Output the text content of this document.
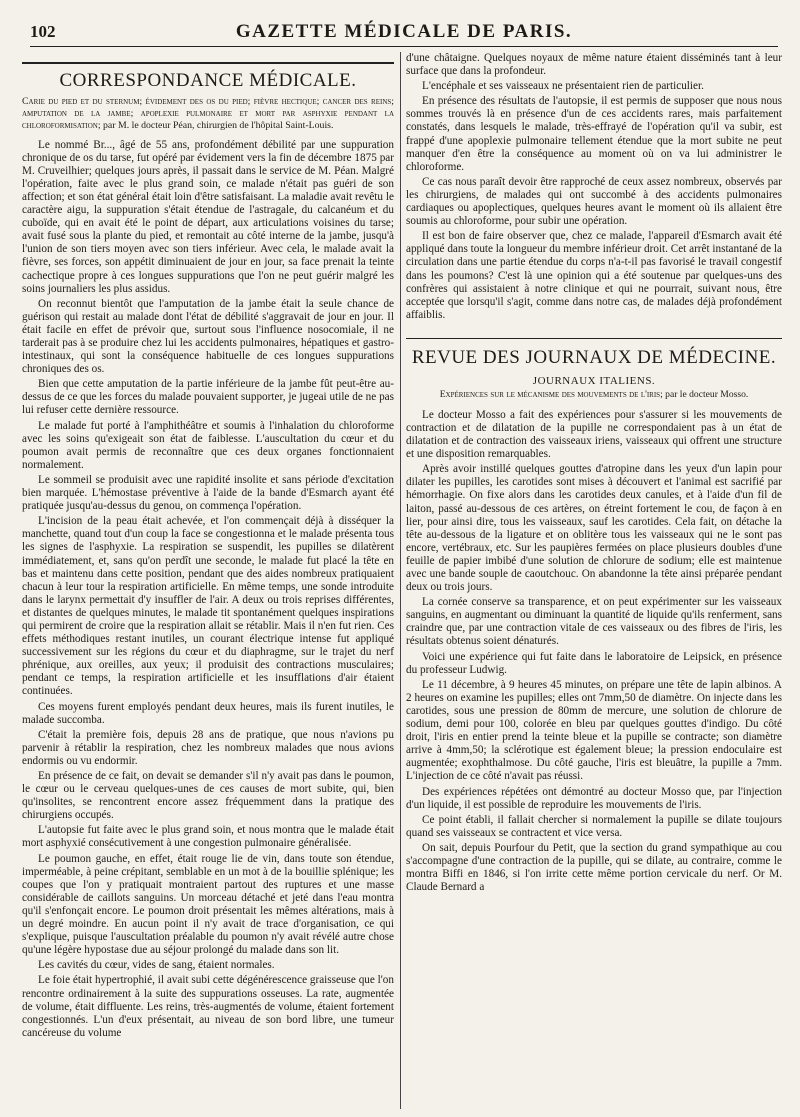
102	GAZETTE MÉDICALE DE PARIS.
CORRESPONDANCE MÉDICALE.

Carie du pied et du sternum; évidement des os du pied; fièvre hectique; cancer des reins; amputation de la jambe; apoplexie pulmonaire et mort par asphyxie pendant la chloroformisation; par M. le docteur Péan, chirurgien de l'hôpital Saint-Louis.

Le nommé Br..., âgé de 55 ans, profondément débilité par une suppuration chronique de os du tarse, fut opéré par évidement vers la fin de décembre 1875 par M. Cruveilhier; quelques jours après, il passait dans le service de M. Péan. Malgré l'opération, faite avec le plus grand soin, ce malade n'était pas guéri de son affection; et son état général était loin d'être satisfaisant. La maladie avait revêtu le caractère aigu, la suppuration s'était étendue de l'astragale, du calcanéum et du cuboïde, qui en avait été le point de départ, aux articulations voisines du tarse; avait fusé sous la plante du pied, et remontait au côté interne de la jambe, jusqu'à l'union de son tiers moyen avec son tiers inférieur. Avec cela, le malade avait la fièvre, ses forces, son appétit diminuaient de jour en jour, sa face prenait la teinte cachectique propre à ces longues suppurations que l'on ne peut guérir malgré les soins journaliers les plus assidus.

On reconnut bientôt que l'amputation de la jambe était la seule chance de guérison qui restait au malade dont l'état de débilité s'aggravait de jour en jour. Il était facile en effet de prévoir que, surtout sous l'influence nosocomiale, il ne tarderait pas à se produire chez lui les accidents pulmonaires, hépatiques et gastro-intestinaux, qui sont la conséquence habituelle de ces longues suppurations chroniques des os.

Bien que cette amputation de la partie inférieure de la jambe fût peut-être au-dessus de ce que les forces du malade pouvaient supporter, je jugeai utile de ne pas lui refuser cette dernière ressource.

Le malade fut porté à l'amphithéâtre et soumis à l'inhalation du chloroforme avec les soins qu'exigeait son état de faiblesse. L'auscultation du cœur et du poumon avait permis de reconnaître que ces deux organes fonctionnaient normalement.

Le sommeil se produisit avec une rapidité insolite et sans période d'excitation bien marquée. L'hémostase préventive à l'aide de la bande d'Esmarch ayant été pratiquée jusqu'au-dessus du genou, on commença l'opération.

L'incision de la peau était achevée, et l'on commençait déjà à disséquer la manchette, quand tout d'un coup la face se congestionna et le malade présenta tous les signes de l'asphyxie. La respiration se suspendit, les pupilles se dilatèrent immédiatement, et, sans qu'on perdît une seconde, le malade fut placé la tête en bas et maintenu dans cette position, pendant que des aides nombreux pratiquaient chacun à leur tour la respiration artificielle. En même temps, une sonde introduite dans le larynx permettait d'y insuffler de l'air. A deux ou trois reprises différentes, et distantes de quelques minutes, le malade tit spontanément quelques inspirations qui permirent de croire que la respiration allait se rétablir. Mais il n'en fut rien. Ces effets méthodiques restant inutiles, un courant électrique intense fut appliqué successivement sur les régions du cœur et du diaphragme, sur le trajet du nerf phrénique, aux oreilles, aux yeux; il produisit des contractions musculaires; pendant ce temps, la respiration artificielle et les insufflations d'air étaient continuées.

Ces moyens furent employés pendant deux heures, mais ils furent inutiles, le malade succomba.

C'était la première fois, depuis 28 ans de pratique, que nous n'avions pu parvenir à rétablir la respiration, chez les nombreux malades que nous avions endormis ou vu endormir.

En présence de ce fait, on devait se demander s'il n'y avait pas dans le poumon, le cœur ou le cerveau quelques-unes de ces causes de mort subite, qui, bien qu'insolites, se rencontrent encore assez fréquemment dans la pratique des chirurgiens occupés.

L'autopsie fut faite avec le plus grand soin, et nous montra que le malade était mort asphyxié consécutivement à une congestion pulmonaire généralisée.

Le poumon gauche, en effet, était rouge lie de vin, dans toute son étendue, imperméable, à peine crépitant, semblable en un mot à de la bouillie splénique; les coupes que l'on y pratiquait montraient partout des ruptures et une masse considérable de caillots sanguins. Un morceau détaché et jeté dans l'eau montra qu'il s'enfonçait encore. Le poumon droit présentait les mêmes altérations, mais à un degré moindre. En aucun point il n'y avait de trace d'organisation, ce qui s'explique, puisque l'auscultation préalable du poumon n'y avait révélé autre chose qu'une légère hypostase due au séjour prolongé du malade dans son lit.

Les cavités du cœur, vides de sang, étaient normales.

Le foie était hypertrophié, il avait subi cette dégénérescence graisseuse que l'on rencontre ordinairement à la suite des suppurations osseuses. La rate, augmentée de volume, était diffluente. Les reins, très-augmentés de volume, étaient fortement congestionnés. L'un d'eux présentait, au niveau de son bord libre, une tumeur cancéreuse du volume

d'une châtaigne. Quelques noyaux de même nature étaient disséminés tant à leur surface que dans la profondeur.

L'encéphale et ses vaisseaux ne présentaient rien de particulier.

En présence des résultats de l'autopsie, il est permis de supposer que nous nous sommes trouvés là en présence d'un de ces accidents rares, mais parfaitement constatés, dans lesquels le malade, très-effrayé de l'opération qu'il va subir, est frappé d'une apoplexie pulmonaire tellement étendue que la mort subite ne peut manquer d'en être la conséquence au moment où on va lui administrer le chloroforme.

Ce cas nous paraît devoir être rapproché de ceux assez nombreux, observés par les chirurgiens, de malades qui ont succombé à des accidents pulmonaires cardiaques ou apoplectiques, quelques heures avant le moment où ils allaient être soumis au chloroforme, pour subir une opération.

Il est bon de faire observer que, chez ce malade, l'appareil d'Esmarch avait été appliqué dans toute la longueur du membre inférieur droit. Cet arrêt instantané de la circulation dans une partie étendue du corps n'a-t-il pas favorisé le travail congestif dans les poumons? C'est là une opinion qui a été soutenue par quelques-uns des confrères qui assistaient à notre clinique et qui ne pourrait, suivant nous, être acceptée que lorsqu'il s'agit, comme dans notre cas, de malades déjà profondément affaiblis.

REVUE DES JOURNAUX DE MÉDECINE.
JOURNAUX ITALIENS.
Expériences sur le mécanisme des mouvements de l'iris; par le docteur Mosso.

Le docteur Mosso a fait des expériences pour s'assurer si les mouvements de contraction et de dilatation de la pupille ne correspondaient pas à un état de dilatation et de contraction des vaisseaux iriens, vaisseaux qui offrent une structure et une disposition remarquables.

Après avoir instillé quelques gouttes d'atropine dans les yeux d'un lapin pour dilater les pupilles, les carotides sont mises à découvert et l'animal est sacrifié par hémorrhagie. On fixe alors dans les carotides deux canules, et à l'aide d'un fil de laiton, passé au-dessous de ces artères, on étreint fortement le cou, de façon à en lier, pour ainsi dire, tous les vaisseaux, sauf les carotides. Cela fait, on détache la tête au-dessous de la ligature et on oblitère tous les vaisseaux qui ne le sont pas encore, vertébraux, etc. Sur les paupières fermées on place plusieurs doubles d'une feuille de papier imbibé d'une solution de chlorure de sodium; elle est maintenue avec une bande souple de caoutchouc. On abandonne la tête ainsi préparée pendant deux ou trois jours.

La cornée conserve sa transparence, et on peut expérimenter sur les vaisseaux sanguins, en augmentant ou diminuant la quantité de liquide qu'ils renferment, sans craindre que, par une contraction vitale de ces vaisseaux ou des fibres de l'iris, les résultats obtenus soient dénaturés.

Voici une expérience qui fut faite dans le laboratoire de Leipsick, en présence du professeur Ludwig.

Le 11 décembre, à 9 heures 45 minutes, on prépare une tête de lapin albinos. A 2 heures on examine les pupilles; elles ont 7mm,50 de diamètre. On injecte dans les carotides, sous une pression de 80mm de mercure, une solution de chlorure de sodium, demi pour 100, colorée en bleu par quelques gouttes d'indigo. Du côté droit, l'iris en entier prend la teinte bleue et la pupille se contracte; son diamètre arrive à 4mm,50; la sclérotique est également bleue; la pression endoculaire est augmentée; exophthalmose. Du côté gauche, l'iris est bleuâtre, la pupille a 7mm. L'injection de ce côté n'avait pas réussi.

Des expériences répétées ont démontré au docteur Mosso que, par l'injection d'un liquide, il est possible de reproduire les mouvements de l'iris.

Ce point établi, il fallait chercher si normalement la pupille se dilate toujours quand ses vaisseaux se contractent et vice versa.

On sait, depuis Pourfour du Petit, que la section du grand sympathique au cou s'accompagne d'une contraction de la pupille, qui se dilate, au contraire, comme le montra Biffi en 1846, si l'on irrite cette même portion cervicale du nerf. Or M. Claude Bernard a
